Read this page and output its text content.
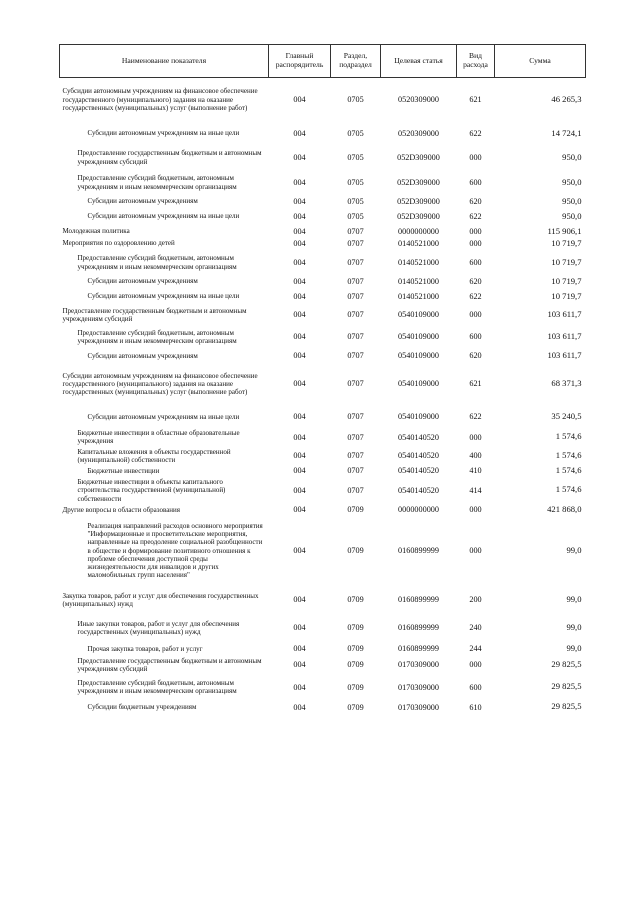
Наименование показателя	Главный распорядитель	Раздел, подраздел	Целевая статья	Вид расхода	Сумма
Субсидии автономным учреждениям на финансовое обеспечение государственного (муниципального) задания на оказание государственных (муниципальных) услуг (выполнение работ)	004	0705	0520309000	621	46 265,3
Субсидии автономным учреждениям на иные цели	004	0705	0520309000	622	14 724,1
Предоставление государственным бюджетным и автономным учреждениям субсидий	004	0705	052D309000	000	950,0
Предоставление субсидий бюджетным, автономным учреждениям и иным некоммерческим организациям	004	0705	052D309000	600	950,0
Субсидии автономным учреждениям	004	0705	052D309000	620	950,0
Субсидии автономным учреждениям на иные цели	004	0705	052D309000	622	950,0
Молодежная политика	004	0707	0000000000	000	115 906,1
Мероприятия по оздоровлению детей	004	0707	0140521000	000	10 719,7
Предоставление субсидий бюджетным, автономным учреждениям и иным некоммерческим организациям	004	0707	0140521000	600	10 719,7
Субсидии автономным учреждениям	004	0707	0140521000	620	10 719,7
Субсидии автономным учреждениям на иные цели	004	0707	0140521000	622	10 719,7
Предоставление государственным бюджетным и автономным учреждениям субсидий	004	0707	0540109000	000	103 611,7
Предоставление субсидий бюджетным, автономным учреждениям и иным некоммерческим организациям	004	0707	0540109000	600	103 611,7
Субсидии автономным учреждениям	004	0707	0540109000	620	103 611,7
Субсидии автономным учреждениям на финансовое обеспечение государственного (муниципального) задания на оказание государственных (муниципальных) услуг (выполнение работ)	004	0707	0540109000	621	68 371,3
Субсидии автономным учреждениям на иные цели	004	0707	0540109000	622	35 240,5
Бюджетные инвестиции в областные образовательные учреждения	004	0707	0540140520	000	1 574,6
Капитальные вложения в объекты государственной (муниципальной) собственности	004	0707	0540140520	400	1 574,6
Бюджетные инвестиции	004	0707	0540140520	410	1 574,6
Бюджетные инвестиции в объекты капитального строительства государственной (муниципальной) собственности	004	0707	0540140520	414	1 574,6
Другие вопросы в области образования	004	0709	0000000000	000	421 868,0
Реализация направлений расходов основного мероприятия "Информационные и просветительские мероприятия, направленные на преодоление социальной разобщенности в обществе и формирование позитивного отношения к проблеме обеспечения доступной среды жизнедеятельности для инвалидов и других маломобильных групп населения"	004	0709	0160899999	000	99,0
Закупка товаров, работ и услуг для обеспечения государственных (муниципальных) нужд	004	0709	0160899999	200	99,0
Иные закупки товаров, работ и услуг для обеспечения государственных (муниципальных) нужд	004	0709	0160899999	240	99,0
Прочая закупка товаров, работ и услуг	004	0709	0160899999	244	99,0
Предоставление государственным бюджетным и автономным учреждениям субсидий	004	0709	0170309000	000	29 825,5
Предоставление субсидий бюджетным, автономным учреждениям и иным некоммерческим организациям	004	0709	0170309000	600	29 825,5
Субсидии бюджетным учреждениям	004	0709	0170309000	610	29 825,5
